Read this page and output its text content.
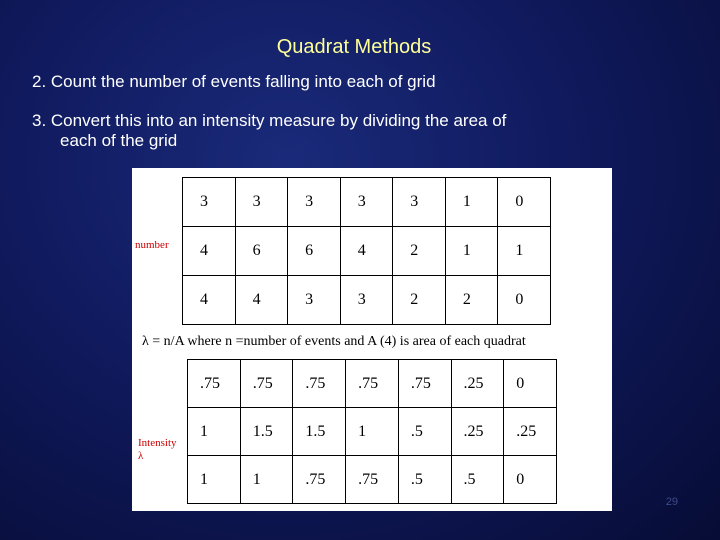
Quadrat Methods
2. Count the number of events falling into each of grid
3. Convert this into an intensity measure by dividing the area of
each of the grid
number
3	3	3	3	3	1	0
4	6	6	4	2	1	1
4	4	3	3	2	2	0
λ = n/A where n =number of events and A (4) is area of each quadrat
Intensity
λ
.75	.75	.75	.75	.75	.25	0
1	1.5	1.5	1	.5	.25	.25
1	1	.75	.75	.5	.5	0
29
